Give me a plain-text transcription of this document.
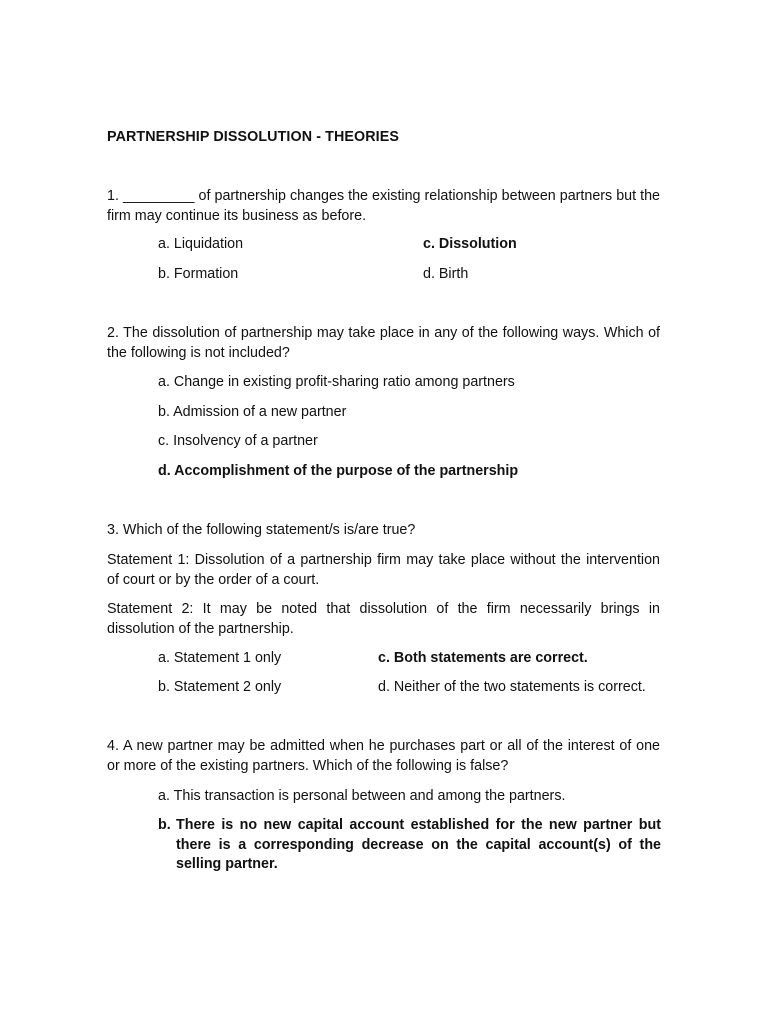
PARTNERSHIP DISSOLUTION - THEORIES
1. _________ of partnership changes the existing relationship between partners but the firm may continue its business as before.
a. Liquidation	c. Dissolution
b. Formation	d. Birth
2. The dissolution of partnership may take place in any of the following ways. Which of the following is not included?
a. Change in existing profit-sharing ratio among partners
b. Admission of a new partner
c. Insolvency of a partner
d. Accomplishment of the purpose of the partnership
3. Which of the following statement/s is/are true?
Statement 1: Dissolution of a partnership firm may take place without the intervention of court or by the order of a court.
Statement 2: It may be noted that dissolution of the firm necessarily brings in dissolution of the partnership.
a. Statement 1 only	c. Both statements are correct.
b. Statement 2 only	d. Neither of the two statements is correct.
4. A new partner may be admitted when he purchases part or all of the interest of one or more of the existing partners. Which of the following is false?
a. This transaction is personal between and among the partners.
b. There is no new capital account established for the new partner but there is a corresponding decrease on the capital account(s) of the selling partner.
